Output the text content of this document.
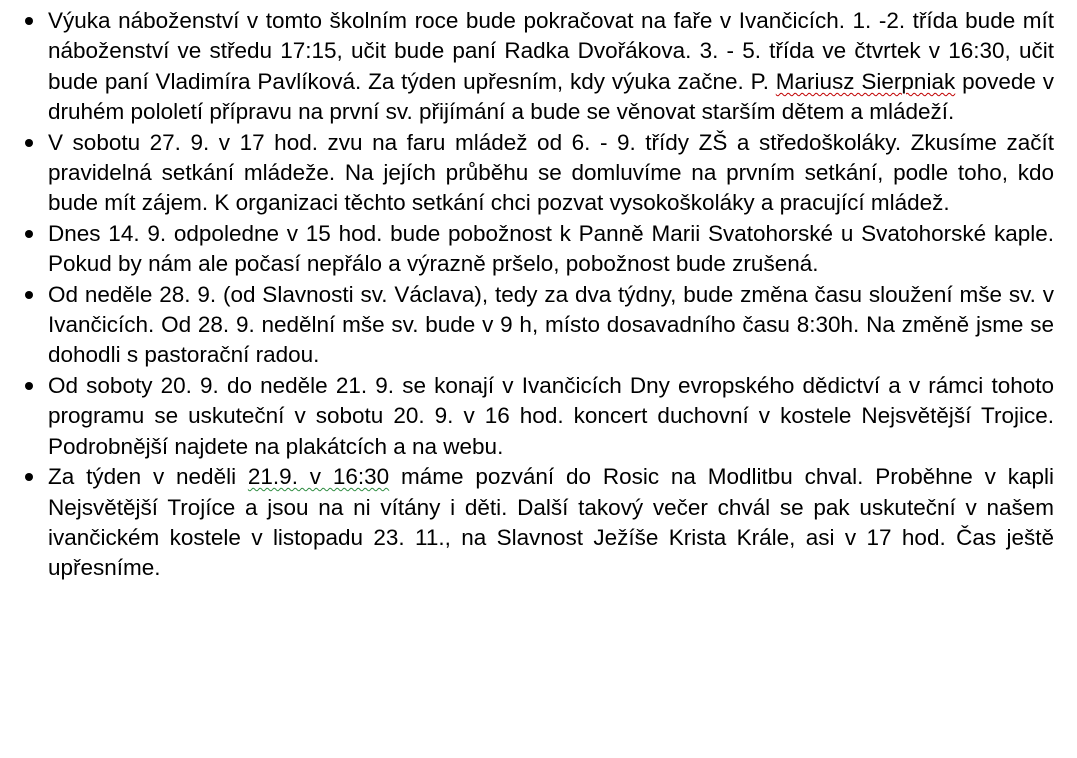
Výuka náboženství v tomto školním roce bude pokračovat na faře v Ivančicích. 1. -2. třída bude mít náboženství ve středu 17:15, učit bude paní Radka Dvořákova. 3. - 5. třída ve čtvrtek v 16:30, učit bude paní Vladimíra Pavlíková. Za týden upřesním, kdy výuka začne. P. Mariusz Sierpniak povede v druhém pololetí přípravu na první sv. přijímání a bude se věnovat starším dětem a mládeží.
V sobotu 27. 9. v 17 hod. zvu na faru mládež od 6. - 9. třídy ZŠ a středoškoláky. Zkusíme začít pravidelná setkání mládeže. Na jejích průběhu se domluvíme na prvním setkání, podle toho, kdo bude mít zájem. K organizaci těchto setkání chci pozvat vysokoškoláky a pracující mládež.
Dnes 14. 9. odpoledne v 15 hod. bude pobožnost k Panně Marii Svatohorské u Svatohorské kaple. Pokud by nám ale počasí nepřálo a výrazně pršelo, pobožnost bude zrušená.
Od neděle 28. 9. (od Slavnosti sv. Václava), tedy za dva týdny, bude změna času sloužení mše sv. v Ivančicích. Od 28. 9. nedělní mše sv. bude v 9 h, místo dosavadního času 8:30h. Na změně jsme se dohodli s pastorační radou.
Od soboty 20. 9. do neděle 21. 9. se konají v Ivančicích Dny evropského dědictví a v rámci tohoto programu se uskuteční v sobotu 20. 9. v 16 hod. koncert duchovní v kostele Nejsvětější Trojice. Podrobnější najdete na plakátcích a na webu.
Za týden v neděli 21.9. v 16:30 máme pozvání do Rosic na Modlitbu chval. Proběhne v kapli Nejsvětější Trojíce a jsou na ni vítány i děti. Další takový večer chvál se pak uskuteční v našem ivančickém kostele v listopadu 23. 11., na Slavnost Ježíše Krista Krále, asi v 17 hod. Čas ještě upřesníme.
